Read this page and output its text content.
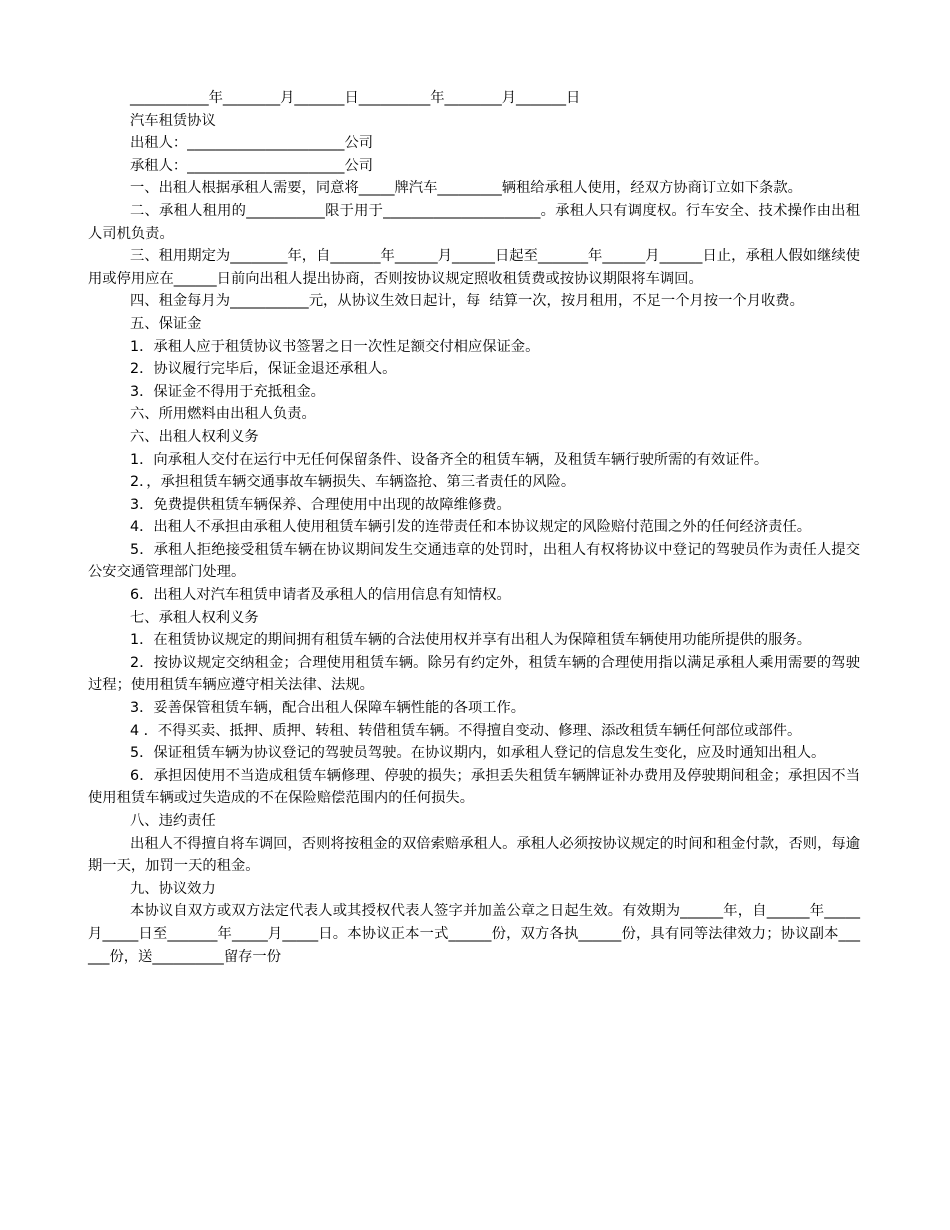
___________年________月_______日__________年________月_______日

汽车租赁协议

出租人：______________________公司

承租人：______________________公司

一、出租人根据承租人需要，同意将_____牌汽车_________辆租给承租人使用，经双方协商订立如下条款。

二、承租人租用的___________限于用于______________________。承租人只有调度权。行车安全、技术操作由出租人司机负责。

三、租用期定为________年，自_______年______月______日起至_______年______月______日止，承租人假如继续使用或停用应在______日前向出租人提出协商，否则按协议规定照收租赁费或按协议期限将车调回。

四、租金每月为___________元，从协议生效日起计，每  结算一次，按月租用，不足一个月按一个月收费。

五、保证金

1．承租人应于租赁协议书签署之日一次性足额交付相应保证金。

2．协议履行完毕后，保证金退还承租人。

3．保证金不得用于充抵租金。

六、所用燃料由出租人负责。

六、出租人权利义务

1．向承租人交付在运行中无任何保留条件、设备齐全的租赁车辆，及租赁车辆行驶所需的有效证件。

2．，承担租赁车辆交通事故车辆损失、车辆盗抢、第三者责任的风险。

3．免费提供租赁车辆保养、合理使用中出现的故障维修费。

4．出租人不承担由承租人使用租赁车辆引发的连带责任和本协议规定的风险赔付范围之外的任何经济责任。

5．承租人拒绝接受租赁车辆在协议期间发生交通违章的处罚时，出租人有权将协议中登记的驾驶员作为责任人提交公安交通管理部门处理。

6．出租人对汽车租赁申请者及承租人的信用信息有知情权。

七、承租人权利义务

1．在租赁协议规定的期间拥有租赁车辆的合法使用权并享有出租人为保障租赁车辆使用功能所提供的服务。

2．按协议规定交纳租金；合理使用租赁车辆。除另有约定外，租赁车辆的合理使用指以满足承租人乘用需要的驾驶过程；使用租赁车辆应遵守相关法律、法规。

3．妥善保管租赁车辆，配合出租人保障车辆性能的各项工作。

4 ．不得买卖、抵押、质押、转租、转借租赁车辆。不得擅自变动、修理、添改租赁车辆任何部位或部件。

5．保证租赁车辆为协议登记的驾驶员驾驶。在协议期内，如承租人登记的信息发生变化，应及时通知出租人。

6．承担因使用不当造成租赁车辆修理、停驶的损失；承担丢失租赁车辆牌证补办费用及停驶期间租金；承担因不当使用租赁车辆或过失造成的不在保险赔偿范围内的任何损失。

八、违约责任

出租人不得擅自将车调回，否则将按租金的双倍索赔承租人。承租人必须按协议规定的时间和租金付款，否则，每逾期一天，加罚一天的租金。

九、协议效力

本协议自双方或双方法定代表人或其授权代表人签字并加盖公章之日起生效。有效期为______年，自______年_____月_____日至_______年_____月_____日。本协议正本一式______份，双方各执______份，具有同等法律效力；协议副本______份，送__________留存一份
